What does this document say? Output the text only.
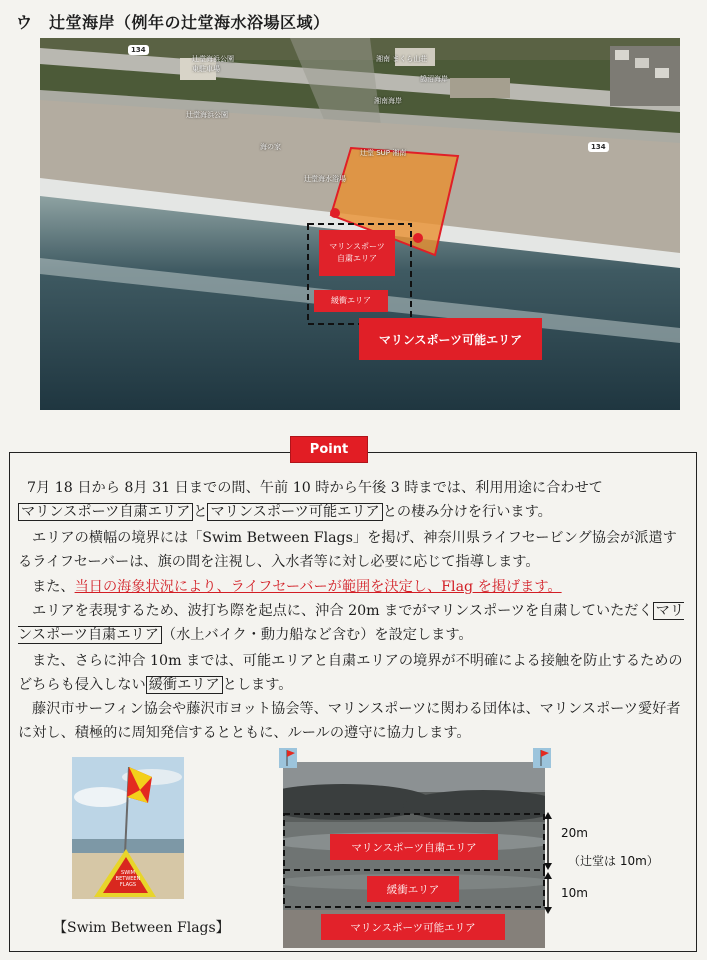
ウ　辻堂海岸（例年の辻堂海水浴場区域）
134
134
辻堂海浜公園
東駐車場
湘南 まくら山荘
鵠沼海岸
辻堂海浜公園
湘南海岸
辻堂海水浴場
辻堂 SUP 湘南
海の家
マリンスポーツ
自粛エリア
緩衝エリア
マリンスポーツ可能エリア
Point
7月 18 日から 8月 31 日までの間、午前 10 時から午後 3 時までは、利用用途に合わせて
マリンスポーツ自粛エリア と マリンスポーツ可能エリア との棲み分けを行います。
エリアの横幅の境界には「Swim Between Flags」を掲げ、神奈川県ライフセービング協会が派遣するライフセーバーは、旗の間を注視し、入水者等に対し必要に応じて指導します。
また、当日の海象状況により、ライフセーバーが範囲を決定し、Flag を掲げます。
エリアを表現するため、波打ち際を起点に、沖合 20m までがマリンスポーツを自粛していただく マリンスポーツ自粛エリア （水上バイク・動力船など含む）を設定します。
また、さらに沖合 10m までは、可能エリアと自粛エリアの境界が不明確による接触を防止するためのどちらも侵入しない 緩衝エリア とします。
藤沢市サーフィン協会や藤沢市ヨット協会等、マリンスポーツに関わる団体は、マリンスポーツ愛好者に対し、積極的に周知発信するとともに、ルールの遵守に協力します。
SWIM
BETWEEN
FLAGS
【Swim Between Flags】
マリンスポーツ自粛エリア
緩衝エリア
マリンスポーツ可能エリア
20m
（辻堂は 10m）
10m
